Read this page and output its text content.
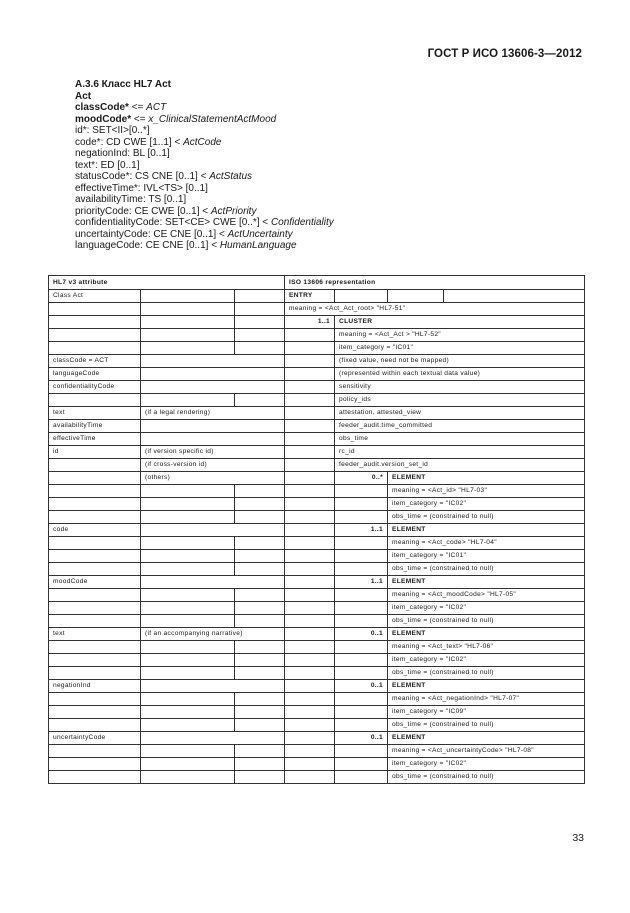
ГОСТ Р ИСО 13606-3—2012
A.3.6 Класс HL7 Act
Act
classCode* <= ACT
moodCode* <= x_ClinicalStatementActMood
id*: SET<II>[0..*]
code*: CD CWE [1..1] < ActCode
negationInd: BL [0..1]
text*: ED [0..1]
statusCode*: CS CNE [0..1] < ActStatus
effectiveTime*: IVL<TS> [0..1]
availabilityTime: TS [0..1]
priorityCode: CE CWE [0..1] < ActPriority
confidentialityCode: SET<CE> CWE [0..*] < Confidentiality
uncertaintyCode: CE CNE [0..1] < ActUncertainty
languageCode: CE CNE [0..1] < HumanLanguage
HL7 v3 attribute			ISO 13606 representation			
Class Act			ENTRY			
			meaning = <Act_Act_root> "HL7-51"			
			1..1	CLUSTER		
				meaning = <Act_Act > "HL7-52"		
				item_category = "IC01"		
classCode = ACT				(fixed value, need not be mapped)		
languageCode				(represented within each textual data value)		
confidentialityCode				sensitivity		
				policy_ids		
text	(if a legal rendering)			attestation, attested_view		
availabilityTime				feeder_audit.time_committed		
effectiveTime				obs_time		
id	(if version specific id)			rc_id		
	(if cross-version id)			feeder_audit.version_set_id		
	(others)			0..*	ELEMENT	
					meaning = <Act_id> "HL7-03"	
					item_category = "IC02"	
					obs_time = (constrained to null)	
code				1..1	ELEMENT	
					meaning = <Act_code> "HL7-04"	
					item_category = "IC01"	
					obs_time = (constrained to null)	
moodCode				1..1	ELEMENT	
					meaning = <Act_moodCode> "HL7-05"	
					item_category = "IC02"	
					obs_time = (constrained to null)	
text	(if an accompanying narrative)			0..1	ELEMENT	
					meaning = <Act_text> "HL7-06"	
					item_category = "IC02"	
					obs_time = (constrained to null)	
negationInd				0..1	ELEMENT	
					meaning = <Act_negationInd> "HL7-07"	
					item_category = "IC09"	
					obs_time = (constrained to null)	
uncertaintyCode				0..1	ELEMENT	
					meaning = <Act_uncertaintyCode> "HL7-08"	
					item_category = "IC02"	
					obs_time = (constrained to null)	
33
